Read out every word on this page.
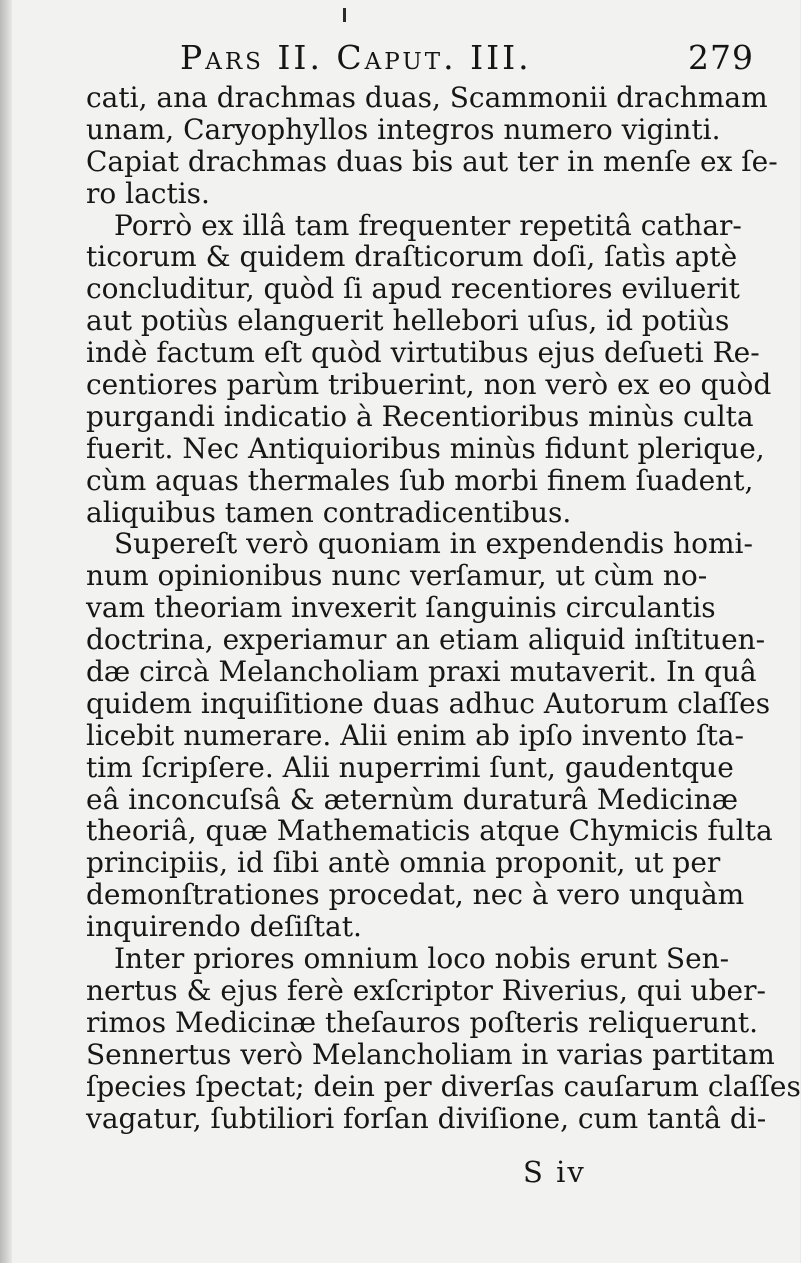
Pars II. Caput. III.	279
cati, ana drachmas duas, Scammonii drachmam
unam, Caryophyllos integros numero viginti.
Capiat drachmas duas bis aut ter in menſe ex ſe-
ro lactis.
Porrò ex illâ tam frequenter repetitâ cathar-
ticorum & quidem draſticorum doſi, ſatìs aptè
concluditur, quòd ſi apud recentiores eviluerit
aut potiùs elanguerit hellebori uſus, id potiùs
indè factum eſt quòd virtutibus ejus deſueti Re-
centiores parùm tribuerint, non verò ex eo quòd
purgandi indicatio à Recentioribus minùs culta
fuerit. Nec Antiquioribus minùs fidunt plerique,
cùm aquas thermales ſub morbi finem ſuadent,
aliquibus tamen contradicentibus.
Supereſt verò quoniam in expendendis homi-
num opinionibus nunc verſamur, ut cùm no-
vam theoriam invexerit ſanguinis circulantis
doctrina, experiamur an etiam aliquid inſtituen-
dæ circà Melancholiam praxi mutaverit. In quâ
quidem inquiſitione duas adhuc Autorum claſſes
licebit numerare. Alii enim ab ipſo invento ſta-
tim ſcripſere. Alii nuperrimi ſunt, gaudentque
eâ inconcuſsâ & æternùm duraturâ Medicinæ
theoriâ, quæ Mathematicis atque Chymicis fulta
principiis, id ſibi antè omnia proponit, ut per
demonſtrationes procedat, nec à vero unquàm
inquirendo deſiſtat.
Inter priores omnium loco nobis erunt Sen-
nertus & ejus ferè exſcriptor Riverius, qui uber-
rimos Medicinæ theſauros poſteris reliquerunt.
Sennertus verò Melancholiam in varias partitam
ſpecies ſpectat; dein per diverſas cauſarum claſſes
vagatur, ſubtiliori forſan diviſione, cum tantâ di-
S iv
